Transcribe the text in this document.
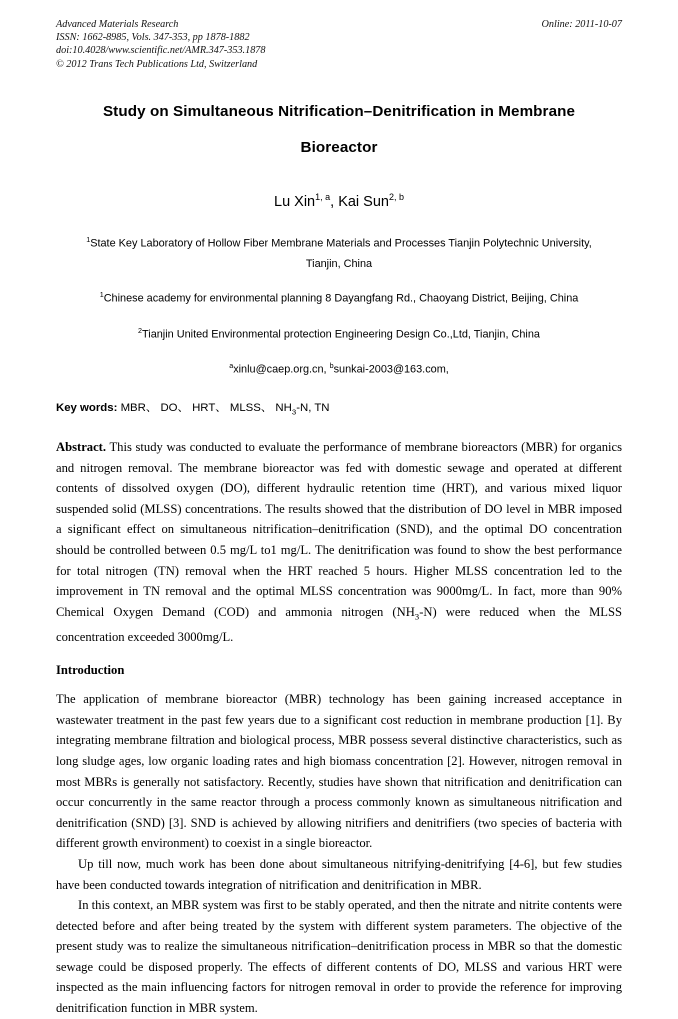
Advanced Materials Research
ISSN: 1662-8985, Vols. 347-353, pp 1878-1882
doi:10.4028/www.scientific.net/AMR.347-353.1878
© 2012 Trans Tech Publications Ltd, Switzerland
Online: 2011-10-07
Study on Simultaneous Nitrification–Denitrification in Membrane
Bioreactor
Lu Xin$^{1, a}$, Kai Sun$^{2, b}$
$^1$State Key Laboratory of Hollow Fiber Membrane Materials and Processes Tianjin Polytechnic University, Tianjin, China
$^1$Chinese academy for environmental planning 8 Dayangfang Rd., Chaoyang District, Beijing, China
$^2$Tianjin United Environmental protection Engineering Design Co.,Ltd, Tianjin, China
$^a$xinlu@caep.org.cn, $^b$sunkai-2003@163.com,
Key words: MBR、 DO、 HRT、 MLSS、 $NH_3-N$, TN
Abstract. This study was conducted to evaluate the performance of membrane bioreactors (MBR) for organics and nitrogen removal. The membrane bioreactor was fed with domestic sewage and operated at different contents of dissolved oxygen (DO), different hydraulic retention time (HRT), and various mixed liquor suspended solid (MLSS) concentrations. The results showed that the distribution of DO level in MBR imposed a significant effect on simultaneous nitrification–denitrification (SND), and the optimal DO concentration should be controlled between 0.5 mg/L to1 mg/L. The denitrification was found to show the best performance for total nitrogen (TN) removal when the HRT reached 5 hours. Higher MLSS concentration led to the improvement in TN removal and the optimal MLSS concentration was 9000mg/L. In fact, more than 90% Chemical Oxygen Demand (COD) and ammonia nitrogen $(NH_3-N)$ were reduced when the MLSS concentration exceeded 3000mg/L.
Introduction

The application of membrane bioreactor (MBR) technology has been gaining increased acceptance in wastewater treatment in the past few years due to a significant cost reduction in membrane production [1]. By integrating membrane filtration and biological process, MBR possess several distinctive characteristics, such as long sludge ages, low organic loading rates and high biomass concentration [2]. However, nitrogen removal in most MBRs is generally not satisfactory. Recently, studies have shown that nitrification and denitrification can occur concurrently in the same reactor through a process commonly known as simultaneous nitrification and denitrification (SND) [3]. SND is achieved by allowing nitrifiers and denitrifiers (two species of bacteria with different growth environment) to coexist in a single bioreactor.

Up till now, much work has been done about simultaneous nitrifying-denitrifying [4-6], but few studies have been conducted towards integration of nitrification and denitrification in MBR.

In this context, an MBR system was first to be stably operated, and then the nitrate and nitrite contents were detected before and after being treated by the system with different system parameters. The objective of the present study was to realize the simultaneous nitrification–denitrification process in MBR so that the domestic sewage could be disposed properly. The effects of different contents of DO, MLSS and various HRT were inspected as the main influencing factors for nitrogen removal in order to provide the reference for improving denitrification function in MBR system.
